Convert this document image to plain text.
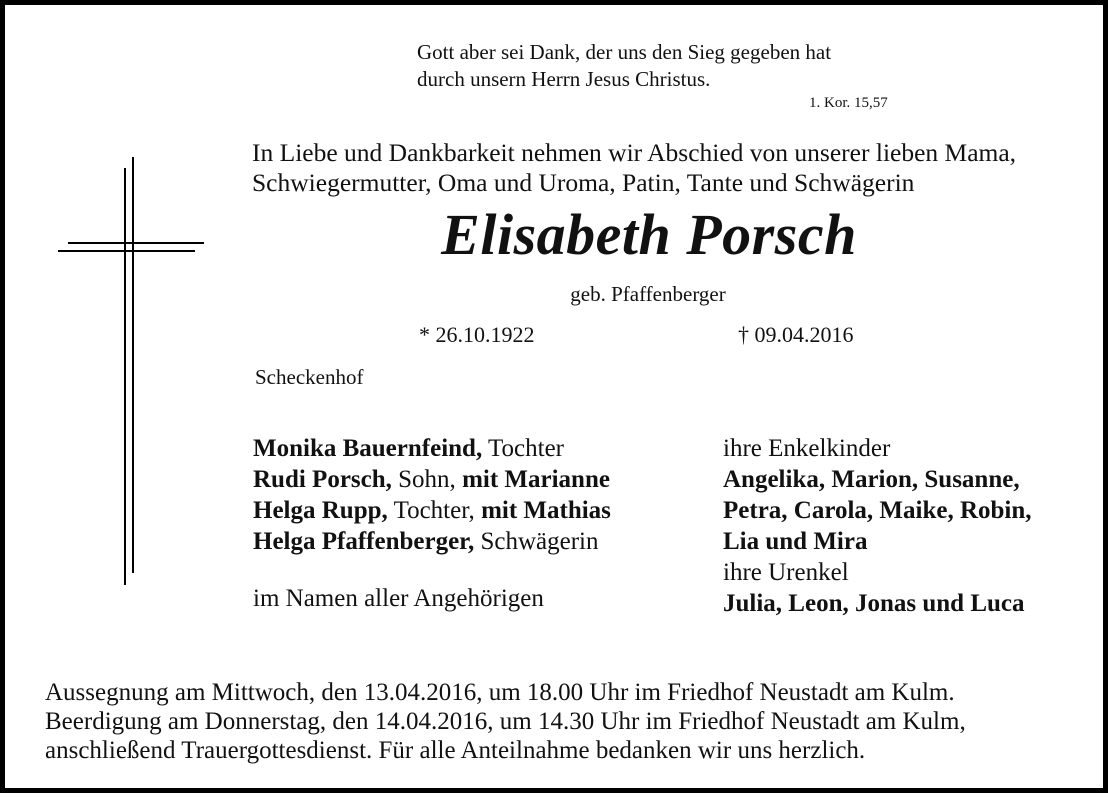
Gott aber sei Dank, der uns den Sieg gegeben hat
durch unsern Herrn Jesus Christus.
1. Kor. 15,57
In Liebe und Dankbarkeit nehmen wir Abschied von unserer lieben Mama,
Schwiegermutter, Oma und Uroma, Patin, Tante und Schwägerin
Elisabeth Porsch
geb. Pfaffenberger
* 26.10.1922	† 09.04.2016
Scheckenhof
Monika Bauernfeind, Tochter
Rudi Porsch, Sohn, mit Marianne
Helga Rupp, Tochter, mit Mathias
Helga Pfaffenberger, Schwägerin
ihre Enkelkinder
Angelika, Marion, Susanne,
Petra, Carola, Maike, Robin,
Lia und Mira
ihre Urenkel
Julia, Leon, Jonas und Luca
im Namen aller Angehörigen
Aussegnung am Mittwoch, den 13.04.2016, um 18.00 Uhr im Friedhof Neustadt am Kulm.
Beerdigung am Donnerstag, den 14.04.2016, um 14.30 Uhr im Friedhof Neustadt am Kulm,
anschließend Trauergottesdienst. Für alle Anteilnahme bedanken wir uns herzlich.
